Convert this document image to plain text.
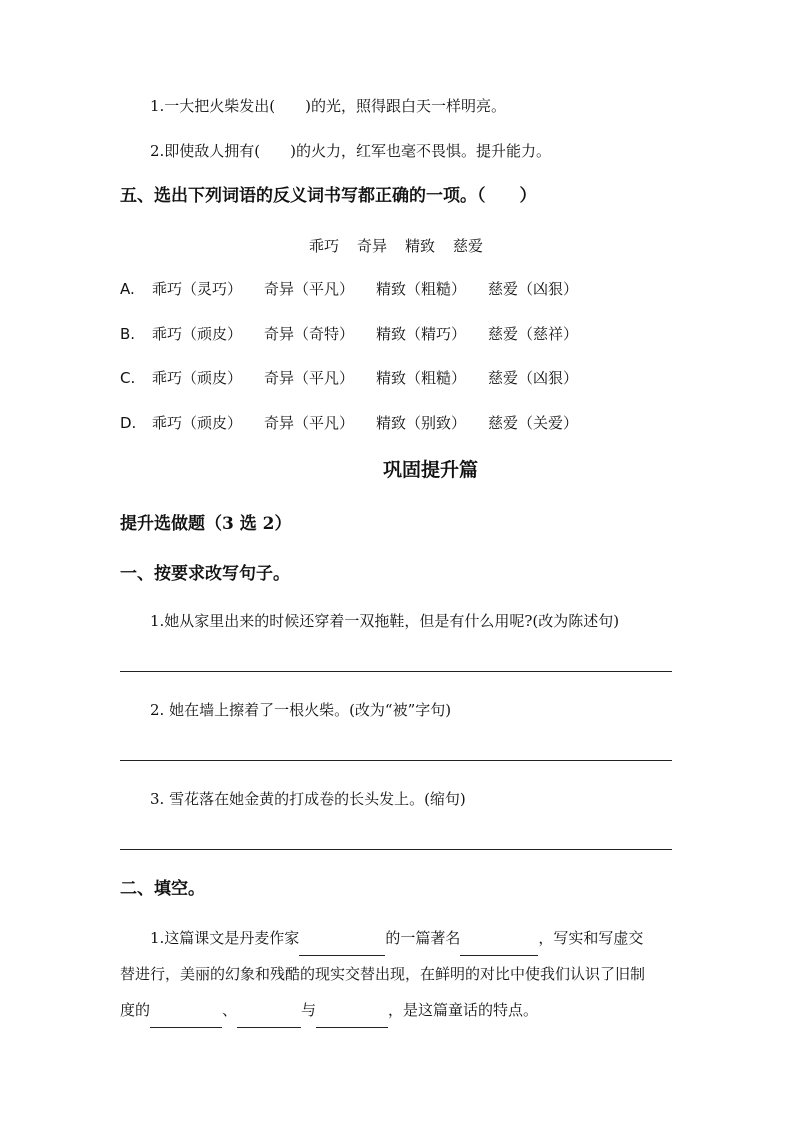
1.一大把火柴发出(　　)的光，照得跟白天一样明亮。
2.即使敌人拥有(　　)的火力，红军也毫不畏惧。提升能力。
五、选出下列词语的反义词书写都正确的一项。（　　）
乖巧 奇异 精致 慈爱
A.	乖巧（灵巧） 奇异（平凡） 精致（粗糙） 慈爱（凶狠）
B.	乖巧（顽皮） 奇异（奇特） 精致（精巧） 慈爱（慈祥）
C.	乖巧（顽皮） 奇异（平凡） 精致（粗糙） 慈爱（凶狠）
D.	乖巧（顽皮） 奇异（平凡） 精致（别致） 慈爱（关爱）
巩固提升篇
提升选做题（3 选 2）
一、按要求改写句子。
1.她从家里出来的时候还穿着一双拖鞋，但是有什么用呢?(改为陈述句)
2. 她在墙上擦着了一根火柴。(改为“被”字句)
3. 雪花落在她金黄的打成卷的长头发上。(缩句)
二、填空。
1.这篇课文是丹麦作家	的一篇著名	，写实和写虚交
替进行，美丽的幻象和残酷的现实交替出现，在鲜明的对比中使我们认识了旧制
度的	、	与	，是这篇童话的特点。
